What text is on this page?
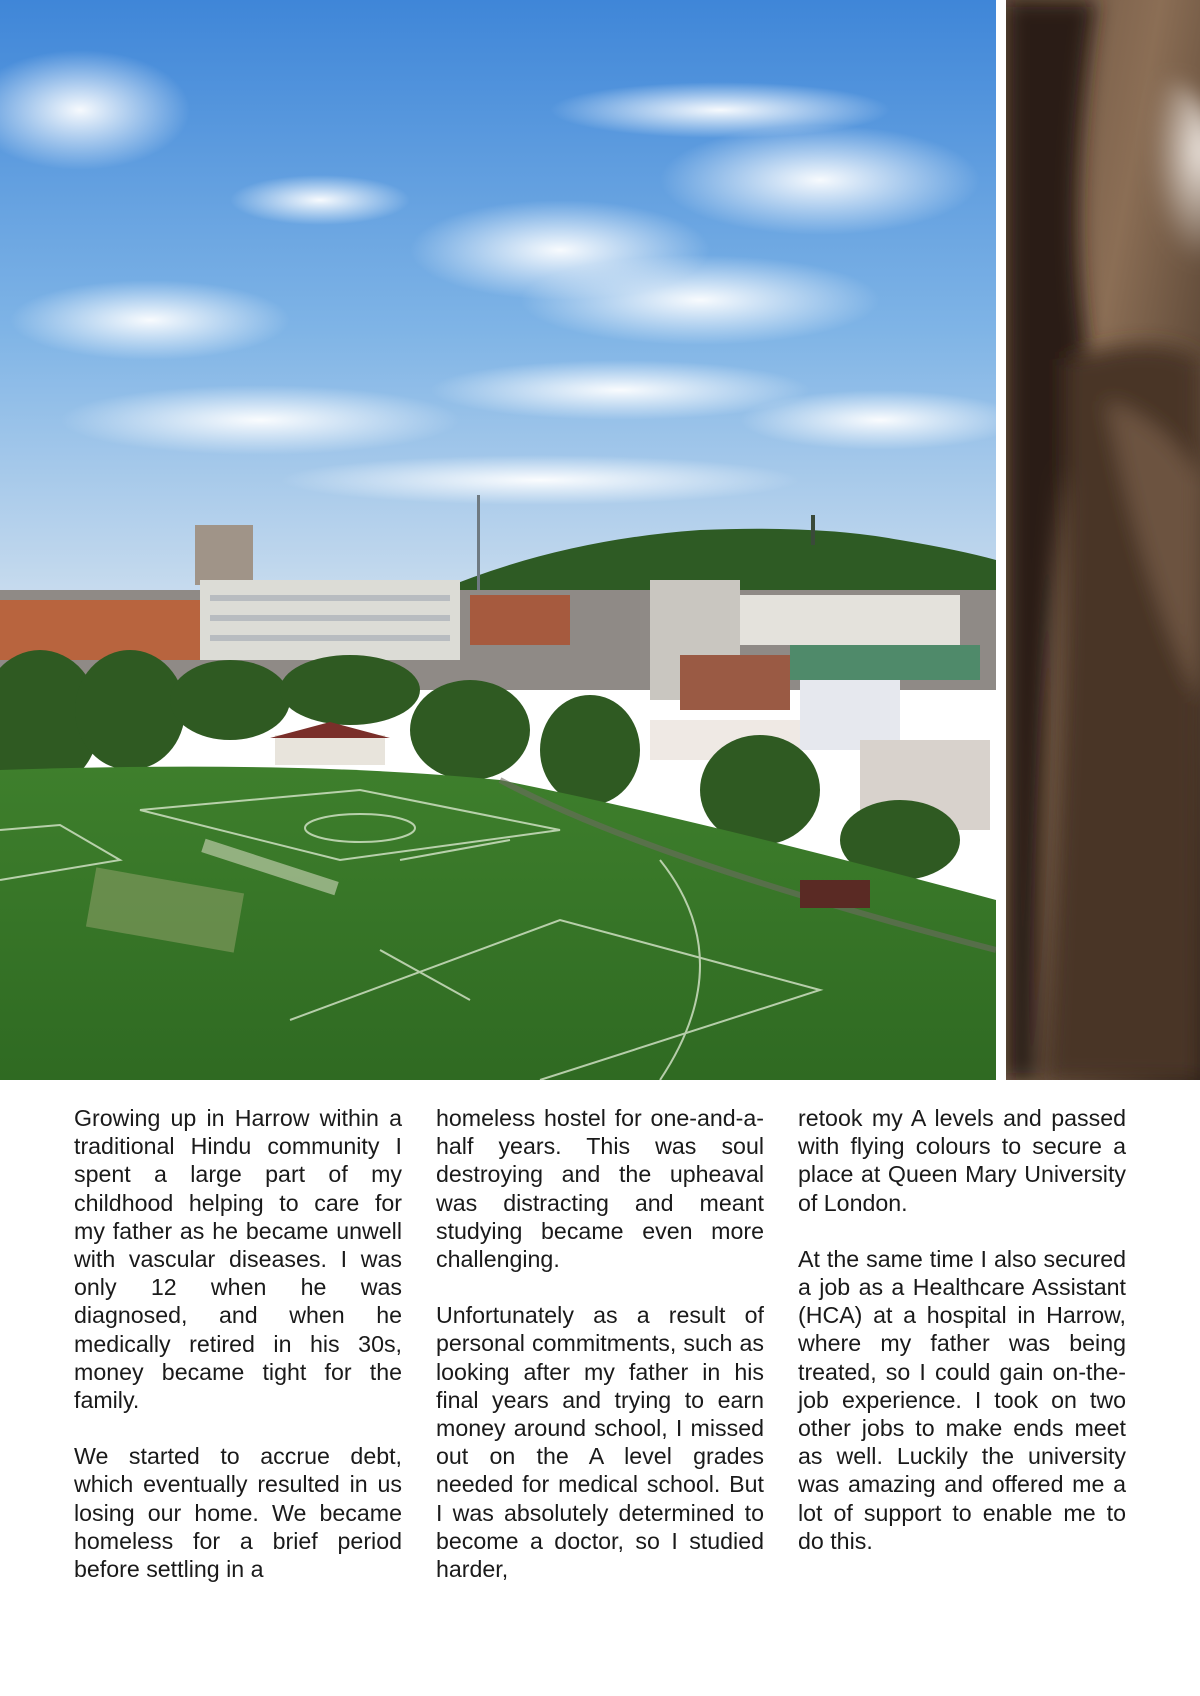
Growing up in Harrow within a traditional Hindu community I spent a large part of my childhood helping to care for my father as he became unwell with vascular diseases. I was only 12 when he was diagnosed, and when he medically retired in his 30s, money became tight for the family.

We started to accrue debt, which eventually resulted in us losing our home. We became homeless for a brief period before settling in a

homeless hostel for one-and-a-half years. This was soul destroying and the upheaval was distracting and meant studying became even more challenging.

Unfortunately as a result of personal commitments, such as looking after my father in his final years and trying to earn money around school, I missed out on the A level grades needed for medical school. But I was absolutely determined to become a doctor, so I studied harder,

retook my A levels and passed with flying colours to secure a place at Queen Mary University of London.

At the same time I also secured a job as a Healthcare Assistant (HCA) at a hospital in Harrow, where my father was being treated, so I could gain on-the-job experience. I took on two other jobs to make ends meet as well. Luckily the university was amazing and offered me a lot of support to enable me to do this.
